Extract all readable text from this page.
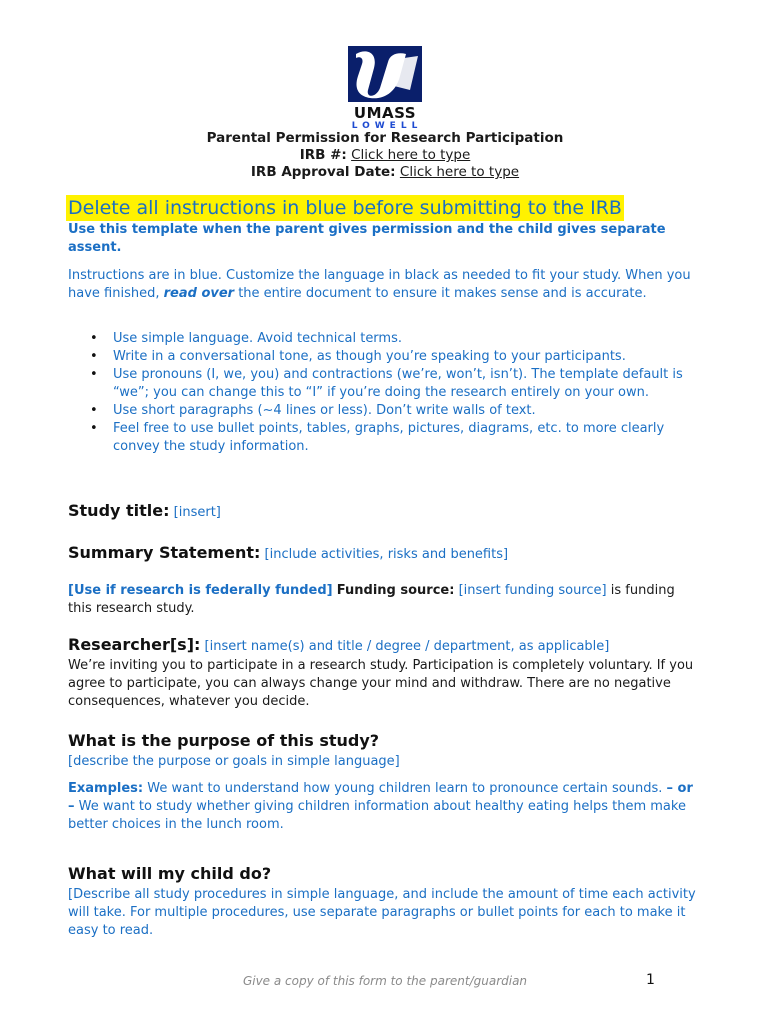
UMASS
LOWELL
Parental Permission for Research Participation
IRB #: Click here to type
IRB Approval Date: Click here to type
Delete all instructions in blue before submitting to the IRB
Use this template when the parent gives permission and the child gives separate assent.
Instructions are in blue. Customize the language in black as needed to fit your study. When you have finished, read over the entire document to ensure it makes sense and is accurate.
• Use simple language. Avoid technical terms.
• Write in a conversational tone, as though you’re speaking to your participants.
• Use pronouns (I, we, you) and contractions (we’re, won’t, isn’t). The template default is “we”; you can change this to “I” if you’re doing the research entirely on your own.
• Use short paragraphs (~4 lines or less). Don’t write walls of text.
• Feel free to use bullet points, tables, graphs, pictures, diagrams, etc. to more clearly convey the study information.
Study title: [insert]
Summary Statement: [include activities, risks and benefits]
[Use if research is federally funded] Funding source: [insert funding source] is funding this research study.
Researcher[s]: [insert name(s) and title / degree / department, as applicable]
We’re inviting you to participate in a research study. Participation is completely voluntary. If you agree to participate, you can always change your mind and withdraw. There are no negative consequences, whatever you decide.
What is the purpose of this study?
[describe the purpose or goals in simple language]
Examples: We want to understand how young children learn to pronounce certain sounds. – or – We want to study whether giving children information about healthy eating helps them make better choices in the lunch room.
What will my child do?
[Describe all study procedures in simple language, and include the amount of time each activity will take. For multiple procedures, use separate paragraphs or bullet points for each to make it easy to read.
Give a copy of this form to the parent/guardian	1
